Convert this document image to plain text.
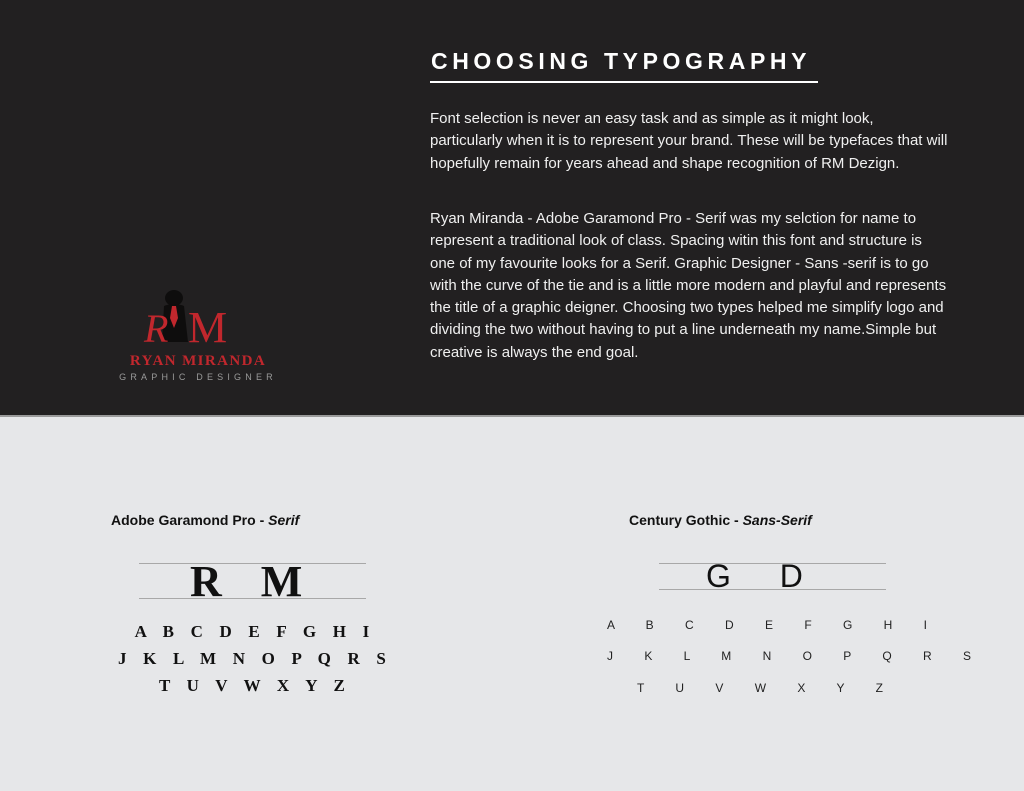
CHOOSING TYPOGRAPHY

Font selection is never an easy task and as simple as it might look, particularly when it is to represent your brand. These will be typefaces that will hopefully remain for years ahead and shape recognition of RM Dezign.

Ryan Miranda - Adobe Garamond Pro - Serif was my selction for name to represent a traditional look of class. Spacing witin this font and structure is one of my favourite looks for a Serif. Graphic Designer - Sans -serif is to go with the curve of the tie and is a little more modern and playful and represents the title of a graphic deigner. Choosing two types helped me simplify logo and dividing the two without having to put a line underneath my name.Simple but creative is always the end goal.

R M
RYAN MIRANDA
GRAPHIC DESIGNER
Adobe Garamond Pro - Serif
R M
A B C D E F G H I
J K L M N O P Q R S
T U V W X Y Z
Century Gothic - Sans-Serif
G D
A B C D E F G H I
J K L M N O P Q R S
T U V W X Y Z
